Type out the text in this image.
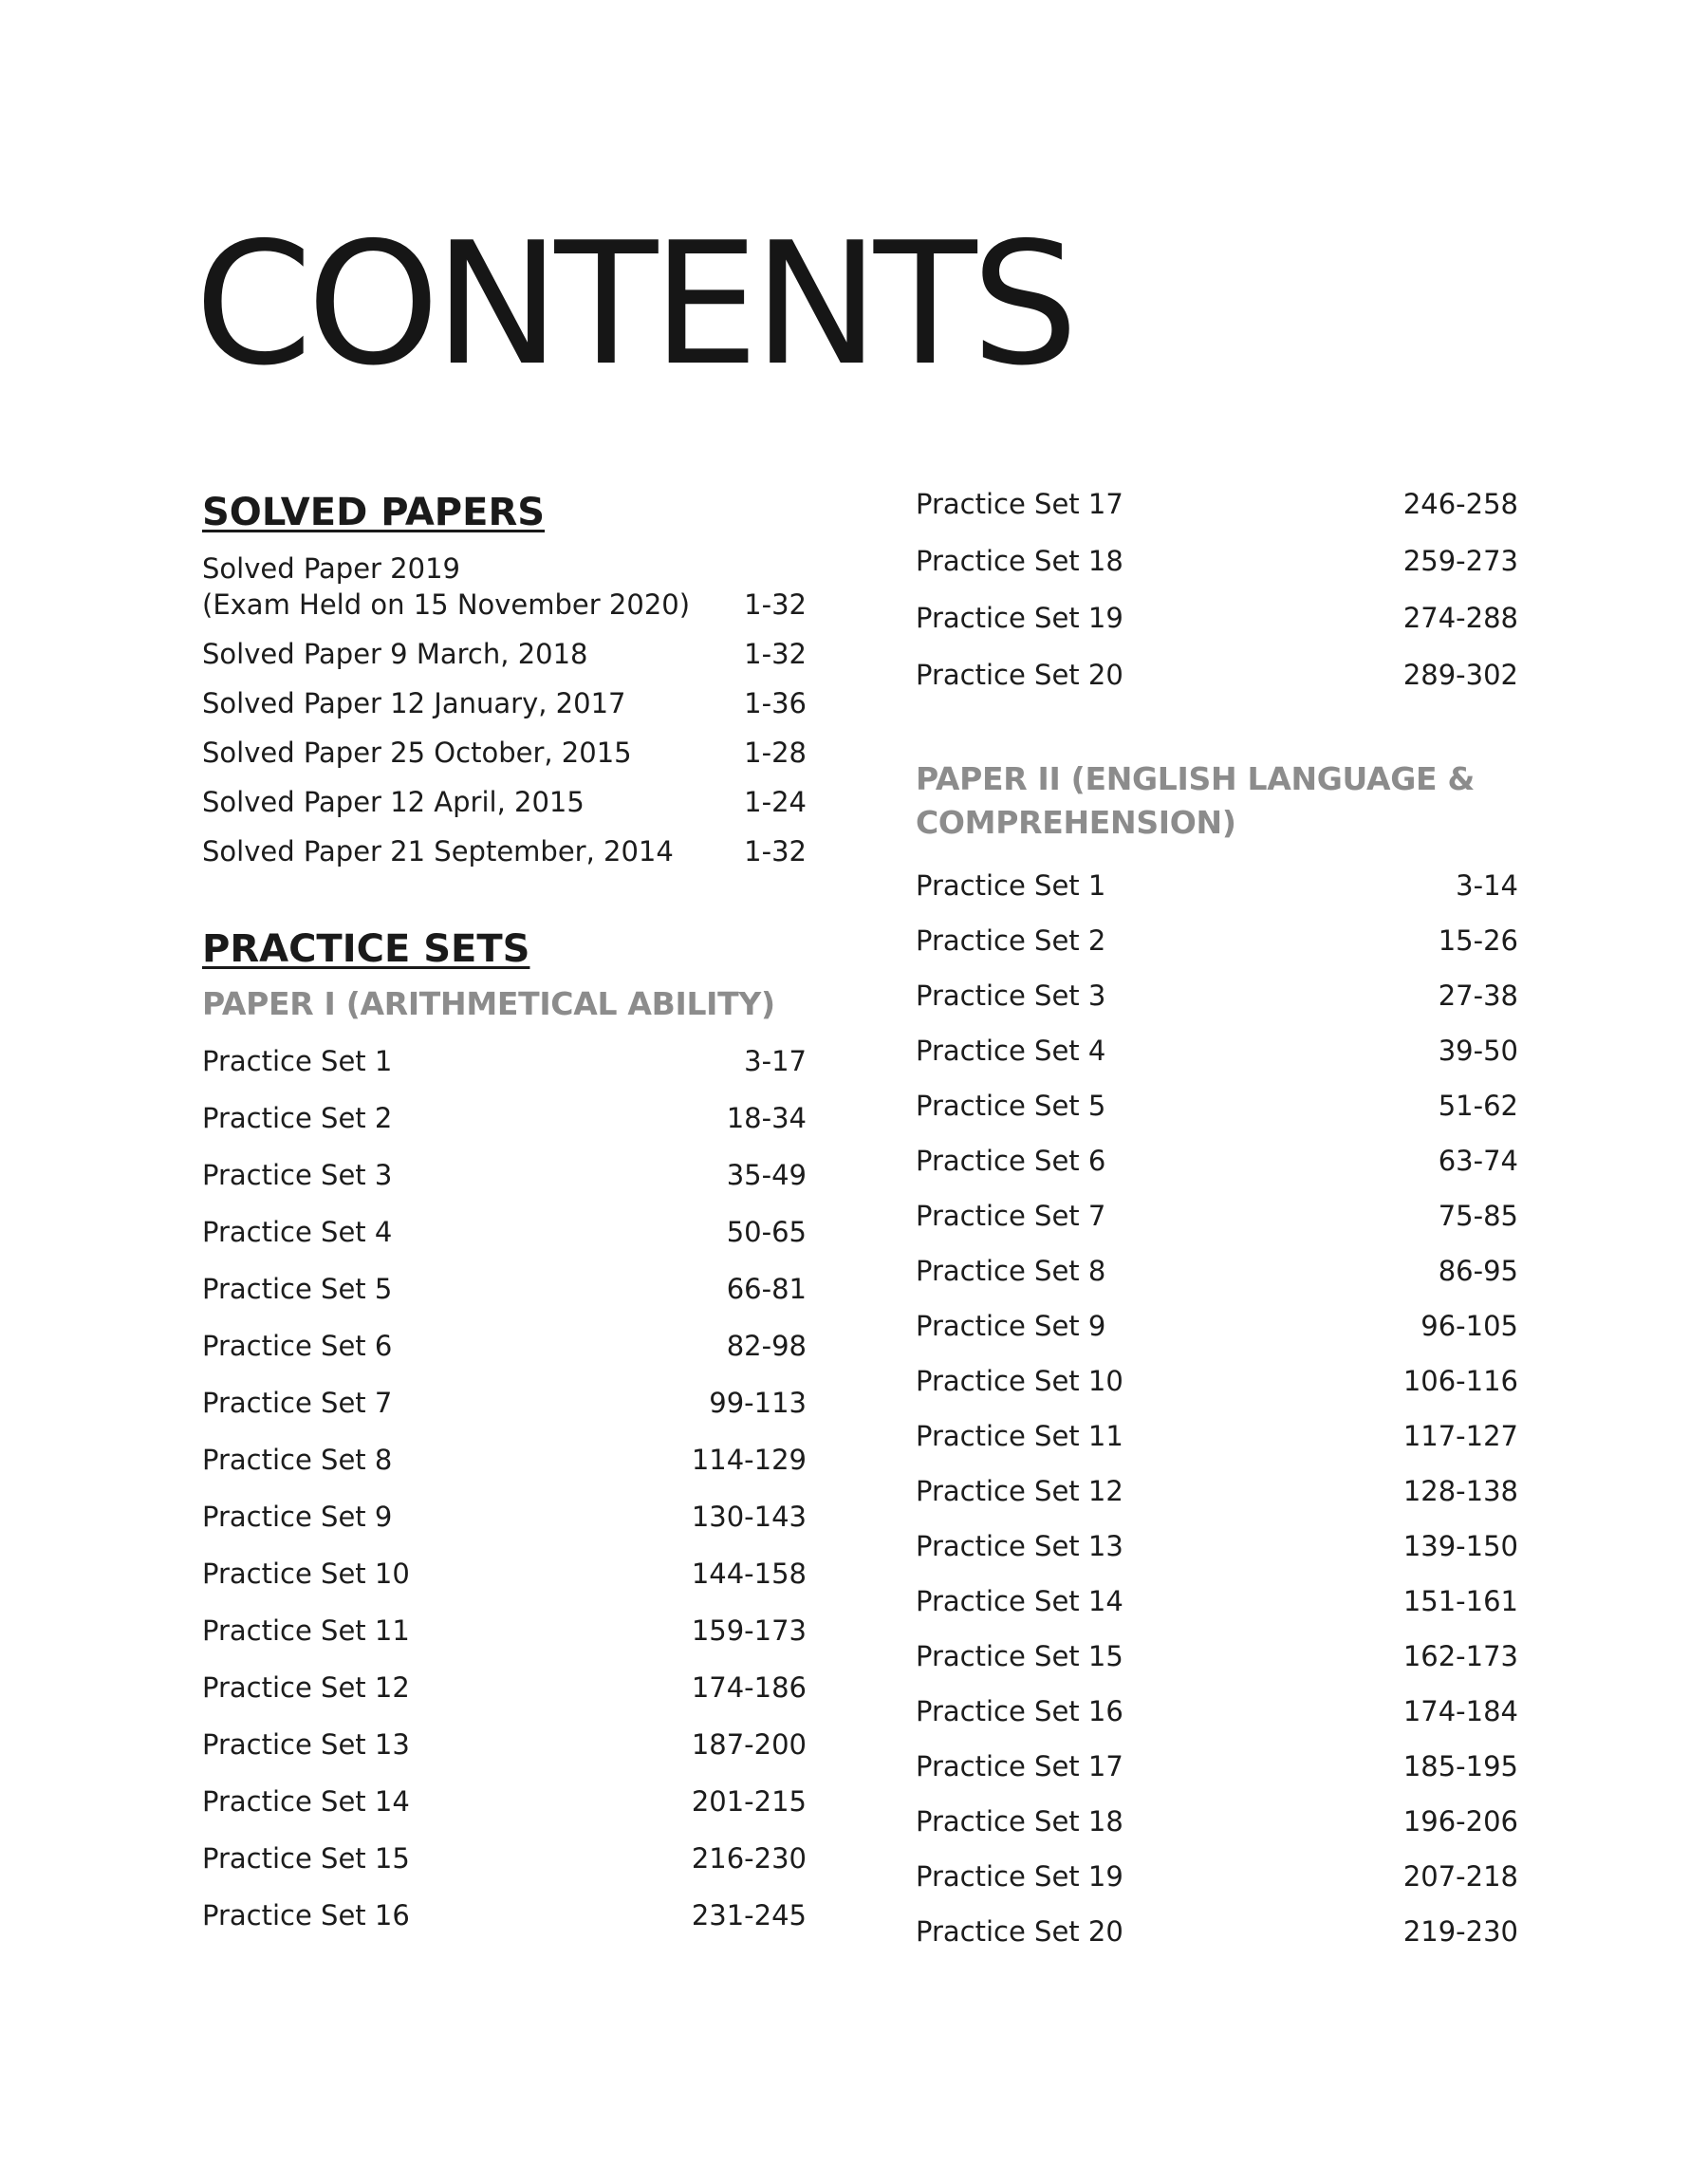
CONTENTS
SOLVED PAPERS
Solved Paper 2019
(Exam Held on 15 November 2020) 1-32
Solved Paper 9 March, 2018	1-32
Solved Paper 12 January, 2017	1-36
Solved Paper 25 October, 2015	1-28
Solved Paper 12 April, 2015	1-24
Solved Paper 21 September, 2014	1-32
PRACTICE SETS
PAPER I (ARITHMETICAL ABILITY)
Practice Set 1	3-17
Practice Set 2	18-34
Practice Set 3	35-49
Practice Set 4	50-65
Practice Set 5	66-81
Practice Set 6	82-98
Practice Set 7	99-113
Practice Set 8	114-129
Practice Set 9	130-143
Practice Set 10	144-158
Practice Set 11	159-173
Practice Set 12	174-186
Practice Set 13	187-200
Practice Set 14	201-215
Practice Set 15	216-230
Practice Set 16	231-245
Practice Set 17	246-258
Practice Set 18	259-273
Practice Set 19	274-288
Practice Set 20	289-302
PAPER II (ENGLISH LANGUAGE &
COMPREHENSION)
Practice Set 1	3-14
Practice Set 2	15-26
Practice Set 3	27-38
Practice Set 4	39-50
Practice Set 5	51-62
Practice Set 6	63-74
Practice Set 7	75-85
Practice Set 8	86-95
Practice Set 9	96-105
Practice Set 10	106-116
Practice Set 11	117-127
Practice Set 12	128-138
Practice Set 13	139-150
Practice Set 14	151-161
Practice Set 15	162-173
Practice Set 16	174-184
Practice Set 17	185-195
Practice Set 18	196-206
Practice Set 19	207-218
Practice Set 20	219-230
